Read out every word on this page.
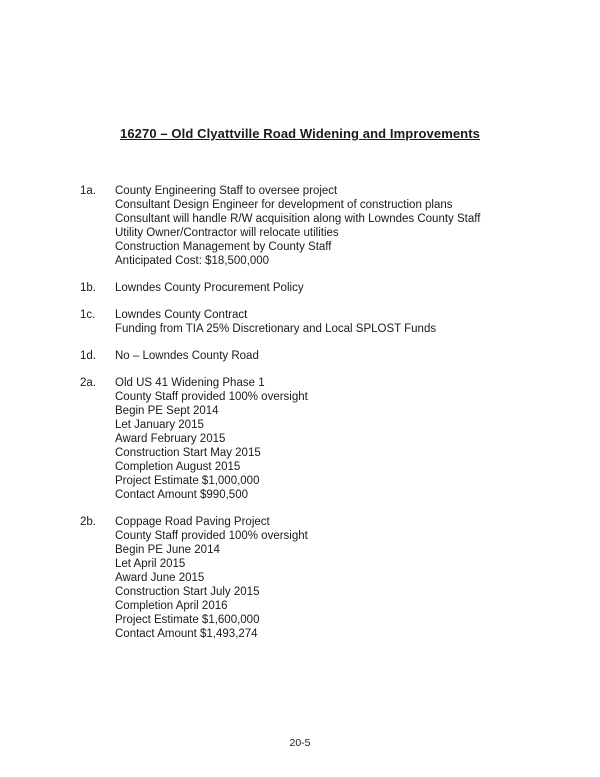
16270 – Old Clyattville Road Widening and Improvements
1a.	County Engineering Staff to oversee project
Consultant Design Engineer for development of construction plans
Consultant will handle R/W acquisition along with Lowndes County Staff
Utility Owner/Contractor will relocate utilities
Construction Management by County Staff
Anticipated Cost: $18,500,000
1b.	Lowndes County Procurement Policy
1c.	Lowndes County Contract
Funding from TIA 25% Discretionary and Local SPLOST Funds
1d.	No – Lowndes County Road
2a.	Old US 41 Widening Phase 1
County Staff provided 100% oversight
Begin PE Sept 2014
Let January 2015
Award February 2015
Construction Start May 2015
Completion August 2015
Project Estimate $1,000,000
Contact Amount $990,500
2b.	Coppage Road Paving Project
County Staff provided 100% oversight
Begin PE June 2014
Let April 2015
Award June 2015
Construction Start July 2015
Completion April 2016
Project Estimate $1,600,000
Contact Amount $1,493,274
20-5
